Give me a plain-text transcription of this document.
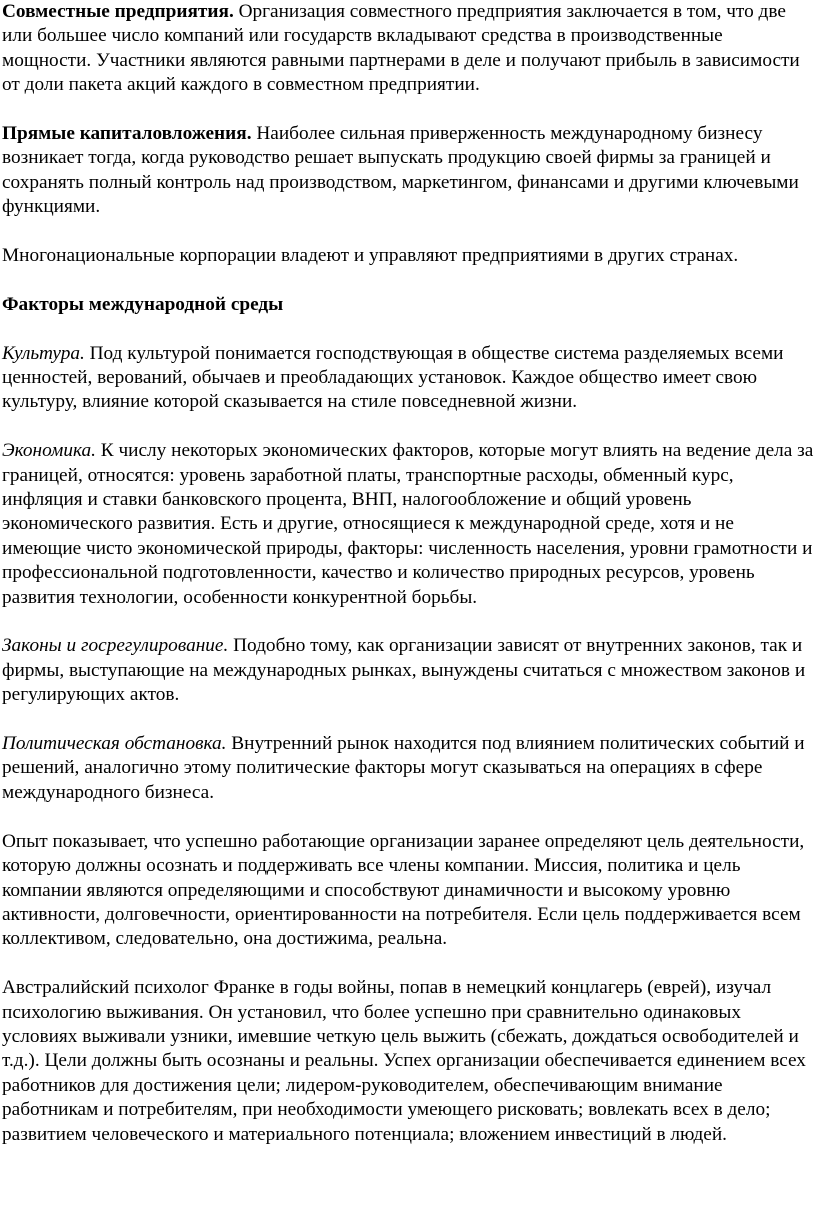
Совместные предприятия. Организация совместного предприятия заключается в том, что две или большее число компаний или государств вкладывают средства в производственные мощности. Участники являются равными партнерами в деле и получают прибыль в зависимости от доли пакета акций каждого в совместном предприятии.

Прямые капиталовложения. Наиболее сильная приверженность международному бизнесу возникает тогда, когда руководство решает выпускать продукцию своей фирмы за границей и сохранять полный контроль над производством, маркетингом, финансами и другими ключевыми функциями.

Многонациональные корпорации владеют и управляют предприятиями в других странах.

Факторы международной среды

Культура. Под культурой понимается господствующая в обществе система разделяемых всеми ценностей, верований, обычаев и преобладающих установок. Каждое общество имеет свою культуру, влияние которой сказывается на стиле повседневной жизни.

Экономика. К числу некоторых экономических факторов, которые могут влиять на ведение дела за границей, относятся: уровень заработной платы, транспортные расходы, обменный курс, инфляция и ставки банковского процента, ВНП, налогообложение и общий уровень экономического развития. Есть и другие, относящиеся к международной среде, хотя и не имеющие чисто экономической природы, факторы: численность населения, уровни грамотности и профессиональной подготовленности, качество и количество природных ресурсов, уровень развития технологии, особенности конкурентной борьбы.

Законы и госрегулирование. Подобно тому, как организации зависят от внутренних законов, так и фирмы, выступающие на международных рынках, вынуждены считаться с множеством законов и регулирующих актов.

Политическая обстановка. Внутренний рынок находится под влиянием политических событий и решений, аналогично этому политические факторы могут сказываться на операциях в сфере международного бизнеса.

Опыт показывает, что успешно работающие организации заранее определяют цель деятельности, которую должны осознать и поддерживать все члены компании. Миссия, политика и цель компании являются определяющими и способствуют динамичности и высокому уровню активности, долговечности, ориентированности на потребителя. Если цель поддерживается всем коллективом, следовательно, она достижима, реальна.

Австралийский психолог Франке в годы войны, попав в немецкий концлагерь (еврей), изучал психологию выживания. Он установил, что более успешно при сравнительно одинаковых условиях выживали узники, имевшие четкую цель выжить (сбежать, дождаться освободителей и т.д.). Цели должны быть осознаны и реальны. Успех организации обеспечивается единением всех работников для достижения цели; лидером-руководителем, обеспечивающим внимание работникам и потребителям, при необходимости умеющего рисковать; вовлекать всех в дело; развитием человеческого и материального потенциала; вложением инвестиций в людей.
